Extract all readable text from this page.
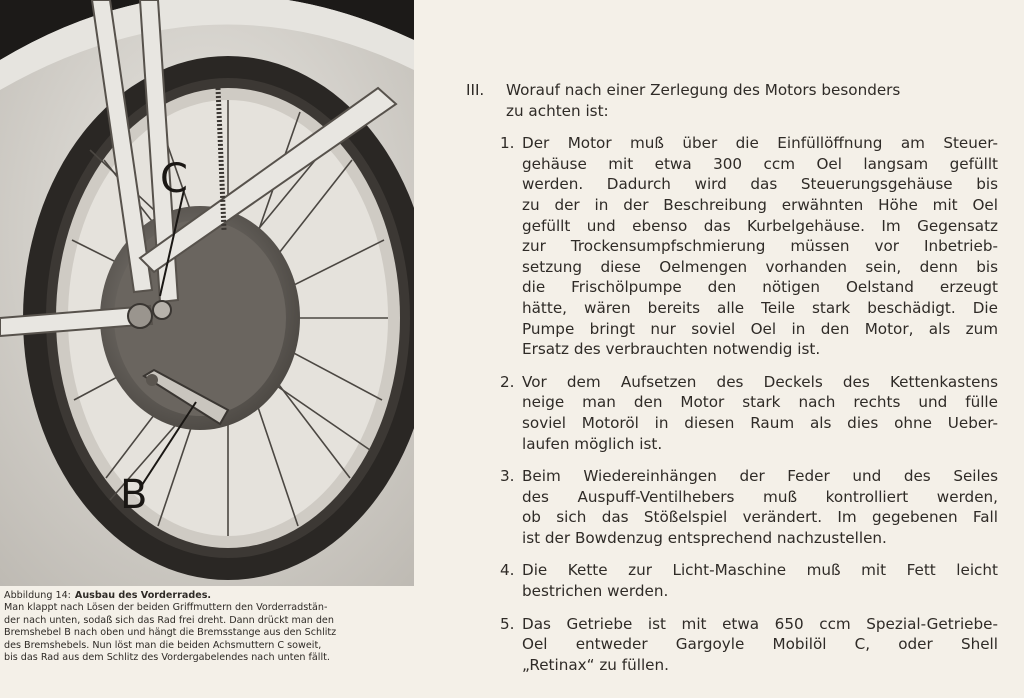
C
B
Abbildung 14: Ausbau des Vorderrades.
Man klappt nach Lösen der beiden Griffmuttern den Vorderradstän-
der nach unten, sodaß sich das Rad frei dreht. Dann drückt man den
Bremshebel B nach oben und hängt die Bremsstange aus den Schlitz
des Bremshebels. Nun löst man die beiden Achsmuttern C soweit,
bis das Rad aus dem Schlitz des Vordergabelendes nach unten fällt.
III.	Worauf nach einer Zerlegung des Motors besonders
zu achten ist:
1. Der Motor muß über die Einfüllöffnung am Steuer-
gehäuse mit etwa 300 ccm Oel langsam gefüllt
werden. Dadurch wird das Steuerungsgehäuse bis
zu der in der Beschreibung erwähnten Höhe mit Oel
gefüllt und ebenso das Kurbelgehäuse. Im Gegensatz
zur Trockensumpfschmierung müssen vor Inbetrieb-
setzung diese Oelmengen vorhanden sein, denn bis
die Frischölpumpe den nötigen Oelstand erzeugt
hätte, wären bereits alle Teile stark beschädigt. Die
Pumpe bringt nur soviel Oel in den Motor, als zum
Ersatz des verbrauchten notwendig ist.
2. Vor dem Aufsetzen des Deckels des Kettenkastens
neige man den Motor stark nach rechts und fülle
soviel Motoröl in diesen Raum als dies ohne Ueber-
laufen möglich ist.
3. Beim Wiedereinhängen der Feder und des Seiles
des Auspuff-Ventilhebers muß kontrolliert werden,
ob sich das Stößelspiel verändert. Im gegebenen Fall
ist der Bowdenzug entsprechend nachzustellen.
4. Die Kette zur Licht-Maschine muß mit Fett leicht
bestrichen werden.
5. Das Getriebe ist mit etwa 650 ccm Spezial-Getriebe-
Oel entweder Gargoyle Mobilöl C, oder Shell
„Retinax“ zu füllen.
